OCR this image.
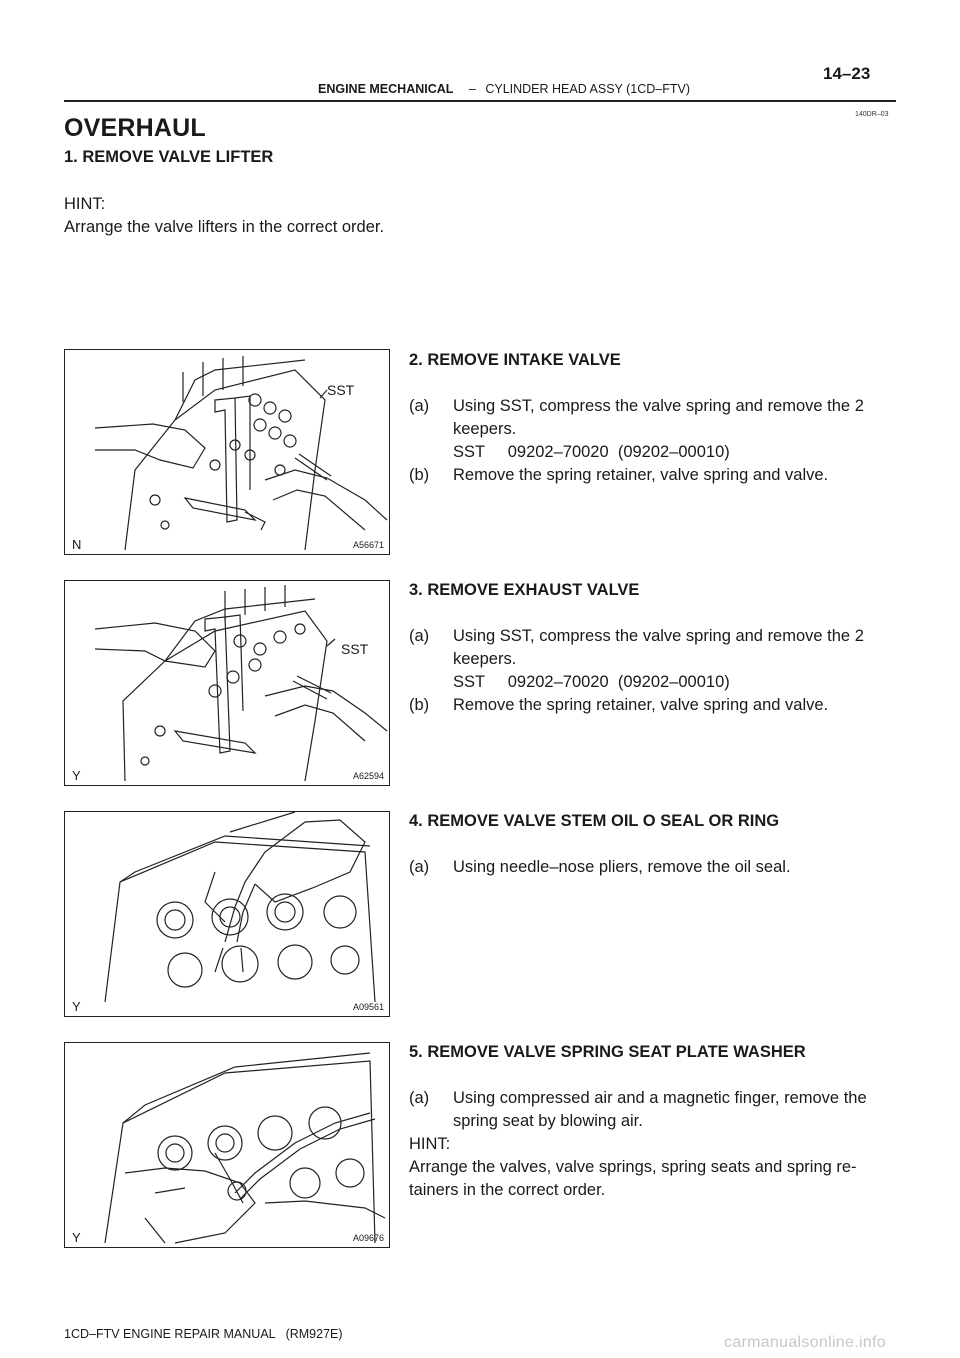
14–23
ENGINE MECHANICAL – CYLINDER HEAD ASSY (1CD–FTV)
140DR–03
OVERHAUL
1. REMOVE VALVE LIFTER
HINT:
Arrange the valve lifters in the correct order.
SST
N	A56671
2. REMOVE INTAKE VALVE
(a) Using SST, compress the valve spring and remove the 2
keepers.
SST     09202–70020  (09202–00010)
(b) Remove the spring retainer, valve spring and valve.
SST
Y	A62594
3. REMOVE EXHAUST VALVE
(a) Using SST, compress the valve spring and remove the 2
keepers.
SST     09202–70020  (09202–00010)
(b) Remove the spring retainer, valve spring and valve.
Y	A09561
4. REMOVE VALVE STEM OIL O SEAL OR RING
(a) Using needle–nose pliers, remove the oil seal.
Y	A09676
5. REMOVE VALVE SPRING SEAT PLATE WASHER
(a) Using compressed air and a magnetic finger, remove the
spring seat by blowing air.
HINT:
Arrange the valves, valve springs, spring seats and spring re-
tainers in the correct order.
1CD–FTV ENGINE REPAIR MANUAL   (RM927E)	carmanualsonline.info
